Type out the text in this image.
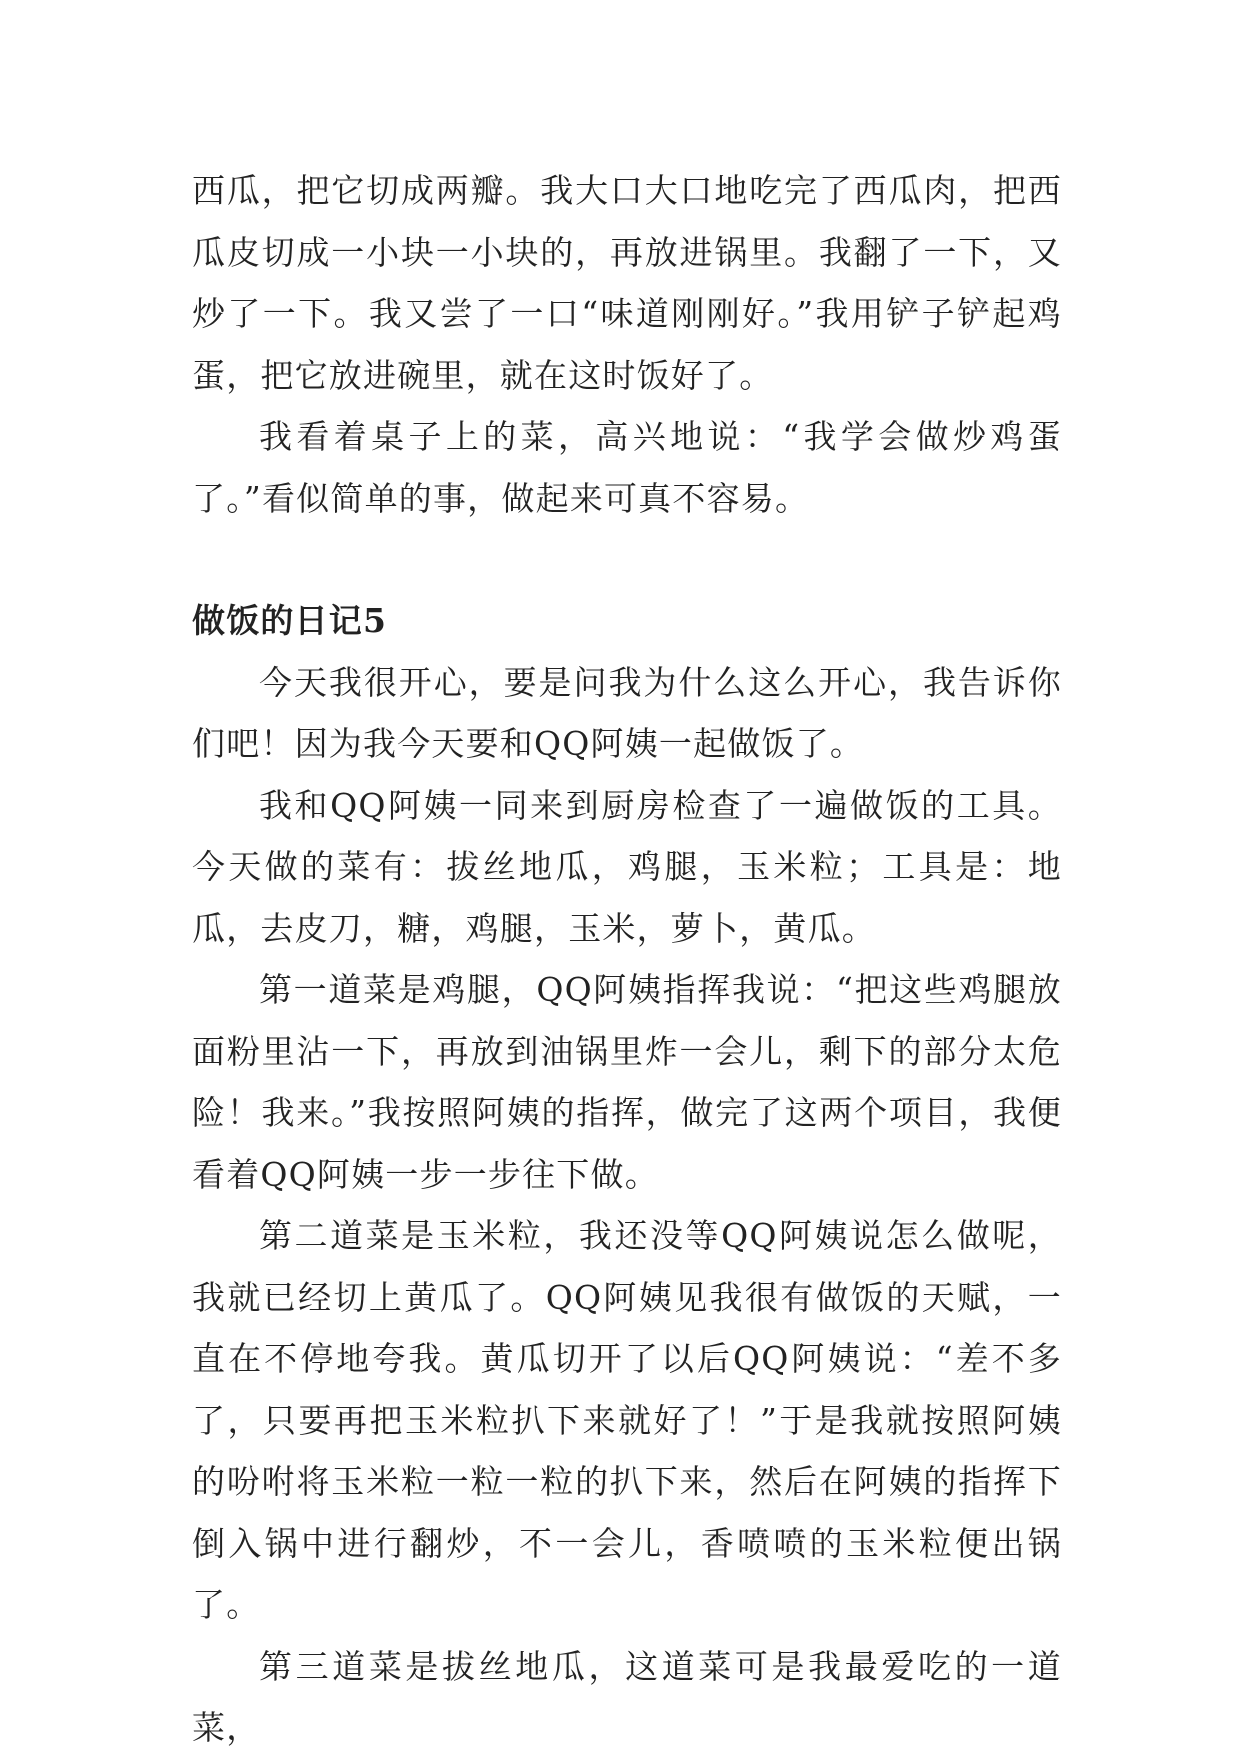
西瓜，把它切成两瓣。我大口大口地吃完了西瓜肉，把西瓜皮切成一小块一小块的，再放进锅里。我翻了一下，又炒了一下。我又尝了一口“味道刚刚好。”我用铲子铲起鸡蛋，把它放进碗里，就在这时饭好了。

我看着桌子上的菜，高兴地说：“我学会做炒鸡蛋了。”看似简单的事，做起来可真不容易。

做饭的日记5

今天我很开心，要是问我为什么这么开心，我告诉你们吧！因为我今天要和QQ阿姨一起做饭了。

我和QQ阿姨一同来到厨房检查了一遍做饭的工具。今天做的菜有：拔丝地瓜，鸡腿，玉米粒；工具是：地瓜，去皮刀，糖，鸡腿，玉米，萝卜，黄瓜。

第一道菜是鸡腿，QQ阿姨指挥我说：“把这些鸡腿放面粉里沾一下，再放到油锅里炸一会儿，剩下的部分太危险！我来。”我按照阿姨的指挥，做完了这两个项目，我便看着QQ阿姨一步一步往下做。

第二道菜是玉米粒，我还没等QQ阿姨说怎么做呢，我就已经切上黄瓜了。QQ阿姨见我很有做饭的天赋，一直在不停地夸我。黄瓜切开了以后QQ阿姨说：“差不多了，只要再把玉米粒扒下来就好了！”于是我就按照阿姨的吩咐将玉米粒一粒一粒的扒下来，然后在阿姨的指挥下倒入锅中进行翻炒，不一会儿，香喷喷的玉米粒便出锅了。

第三道菜是拔丝地瓜，这道菜可是我最爱吃的一道菜，
